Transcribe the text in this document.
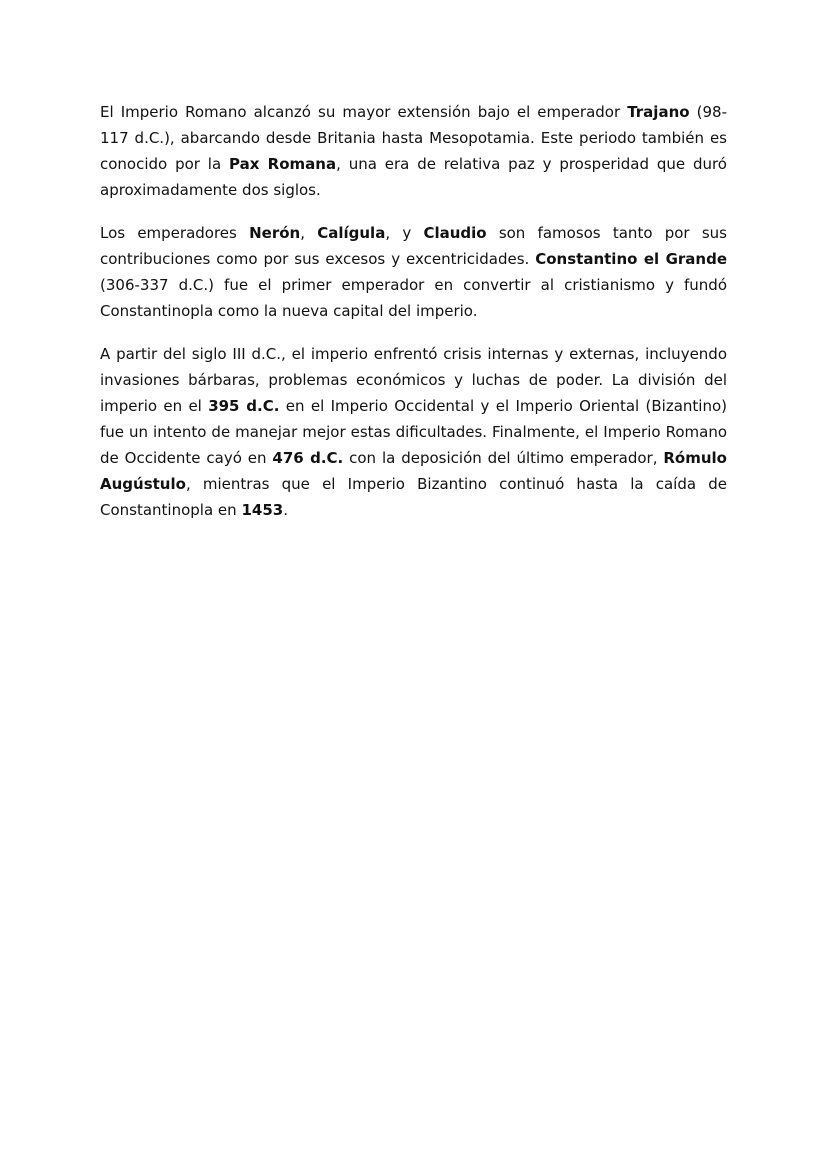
El Imperio Romano alcanzó su mayor extensión bajo el emperador Trajano (98-117 d.C.), abarcando desde Britania hasta Mesopotamia. Este periodo también es conocido por la Pax Romana, una era de relativa paz y prosperidad que duró aproximadamente dos siglos.

Los emperadores Nerón, Calígula, y Claudio son famosos tanto por sus contribuciones como por sus excesos y excentricidades. Constantino el Grande (306-337 d.C.) fue el primer emperador en convertir al cristianismo y fundó Constantinopla como la nueva capital del imperio.

A partir del siglo III d.C., el imperio enfrentó crisis internas y externas, incluyendo invasiones bárbaras, problemas económicos y luchas de poder. La división del imperio en el 395 d.C. en el Imperio Occidental y el Imperio Oriental (Bizantino) fue un intento de manejar mejor estas dificultades. Finalmente, el Imperio Romano de Occidente cayó en 476 d.C. con la deposición del último emperador, Rómulo Augústulo, mientras que el Imperio Bizantino continuó hasta la caída de Constantinopla en 1453.
